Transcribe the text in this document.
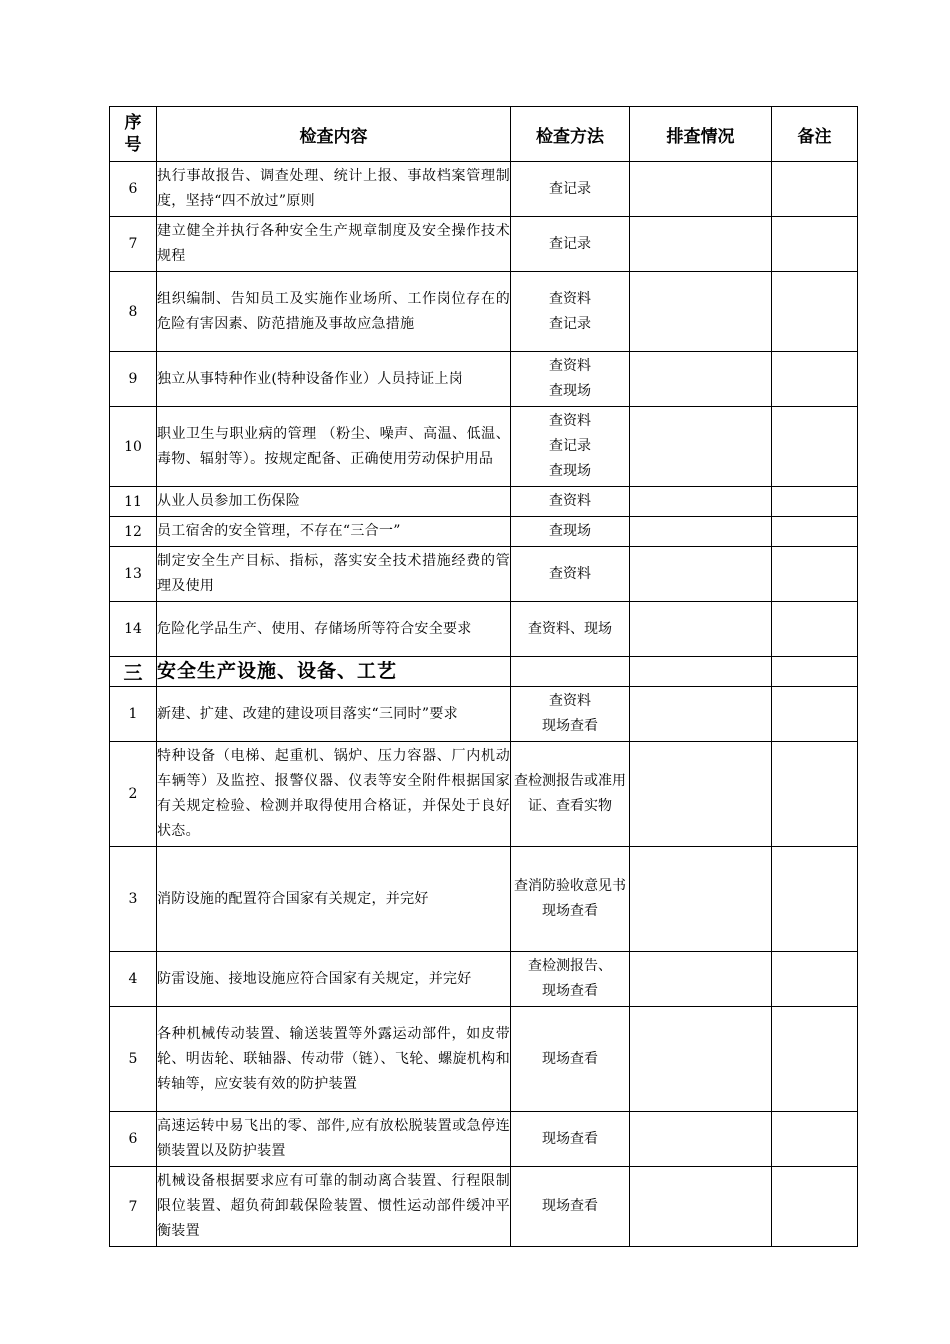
序号	检查内容	检查方法	排查情况	备注
6	执行事故报告、调查处理、统计上报、事故档案管理制度，坚持“四不放过”原则	查记录		

7	建立健全并执行各种安全生产规章制度及安全操作技术规程	查记录		

8	组织编制、告知员工及实施作业场所、工作岗位存在的危险有害因素、防范措施及事故应急措施	查资料
查记录		

9	独立从事特种作业(特种设备作业）人员持证上岗	查资料
查现场		

10	职业卫生与职业病的管理 （粉尘、噪声、高温、低温、毒物、辐射等）。按规定配备、正确使用劳动保护用品	查资料
查记录
查现场		

11	从业人员参加工伤保险	查资料		

12	员工宿舍的安全管理，不存在“三合一”	查现场		

13	制定安全生产目标、指标，落实安全技术措施经费的管理及使用	查资料		

14	危险化学品生产、使用、存储场所等符合安全要求	查资料、现场		

三	安全生产设施、设备、工艺			
1	新建、扩建、改建的建设项目落实“三同时”要求	查资料
现场查看		

2	特种设备（电梯、起重机、锅炉、压力容器、厂内机动车辆等）及监控、报警仪器、仪表等安全附件根据国家有关规定检验、检测并取得使用合格证，并保处于良好状态。	查检测报告或准用证、查看实物		

3	消防设施的配置符合国家有关规定，并完好	查消防验收意见书
现场查看		

4	防雷设施、接地设施应符合国家有关规定，并完好	查检测报告、
现场查看		

5	各种机械传动装置、输送装置等外露运动部件，如皮带轮、明齿轮、联轴器、传动带（链）、飞轮、螺旋机构和转轴等，应安装有效的防护装置	现场查看		

6	高速运转中易飞出的零、部件,应有放松脱装置或急停连锁装置以及防护装置	现场查看		

7	机械设备根据要求应有可靠的制动离合装置、行程限制限位装置、超负荷卸载保险装置、惯性运动部件缓冲平衡装置	现场查看		
